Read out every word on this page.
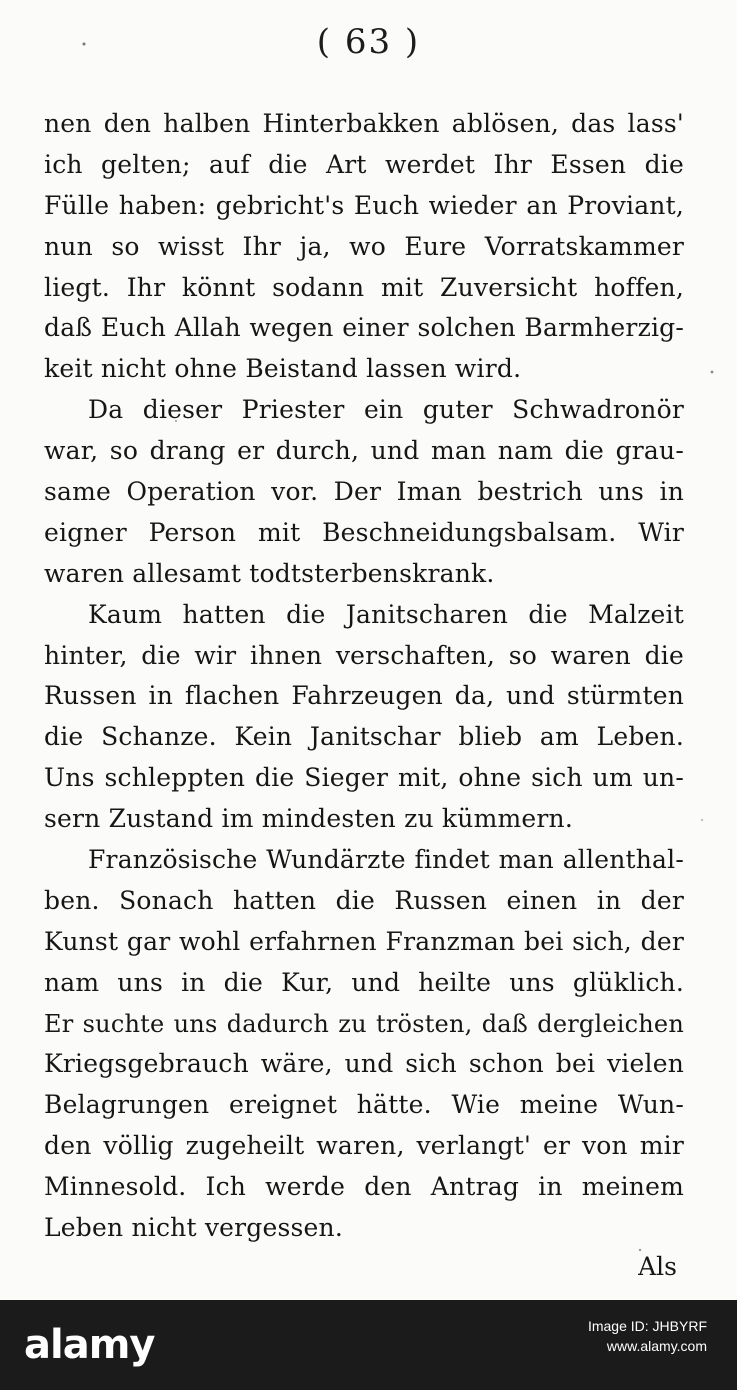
( 63 )
nen den halben Hinterbakken ablösen, das lass'
ich gelten; auf die Art werdet Ihr Essen die
Fülle haben: gebricht's Euch wieder an Proviant,
nun so wisst Ihr ja, wo Eure Vorratskammer
liegt. Ihr könnt sodann mit Zuversicht hoffen,
daß Euch Allah wegen einer solchen Barmherzig-
keit nicht ohne Beistand lassen wird.
Da dieser Priester ein guter Schwadronör
war, so drang er durch, und man nam die grau-
same Operation vor. Der Iman bestrich uns in
eigner Person mit Beschneidungsbalsam. Wir
waren allesamt todtsterbenskrank.
Kaum hatten die Janitscharen die Malzeit
hinter, die wir ihnen verschaften, so waren die
Russen in flachen Fahrzeugen da, und stürmten
die Schanze. Kein Janitschar blieb am Leben.
Uns schleppten die Sieger mit, ohne sich um un-
sern Zustand im mindesten zu kümmern.
Französische Wundärzte findet man allenthal-
ben. Sonach hatten die Russen einen in der
Kunst gar wohl erfahrnen Franzman bei sich, der
nam uns in die Kur, und heilte uns glüklich.
Er suchte uns dadurch zu trösten, daß dergleichen
Kriegsgebrauch wäre, und sich schon bei vielen
Belagrungen ereignet hätte. Wie meine Wun-
den völlig zugeheilt waren, verlangt' er von mir
Minnesold. Ich werde den Antrag in meinem
Leben nicht vergessen.
Als
alamy	Image ID: JHBYRF
www.alamy.com
